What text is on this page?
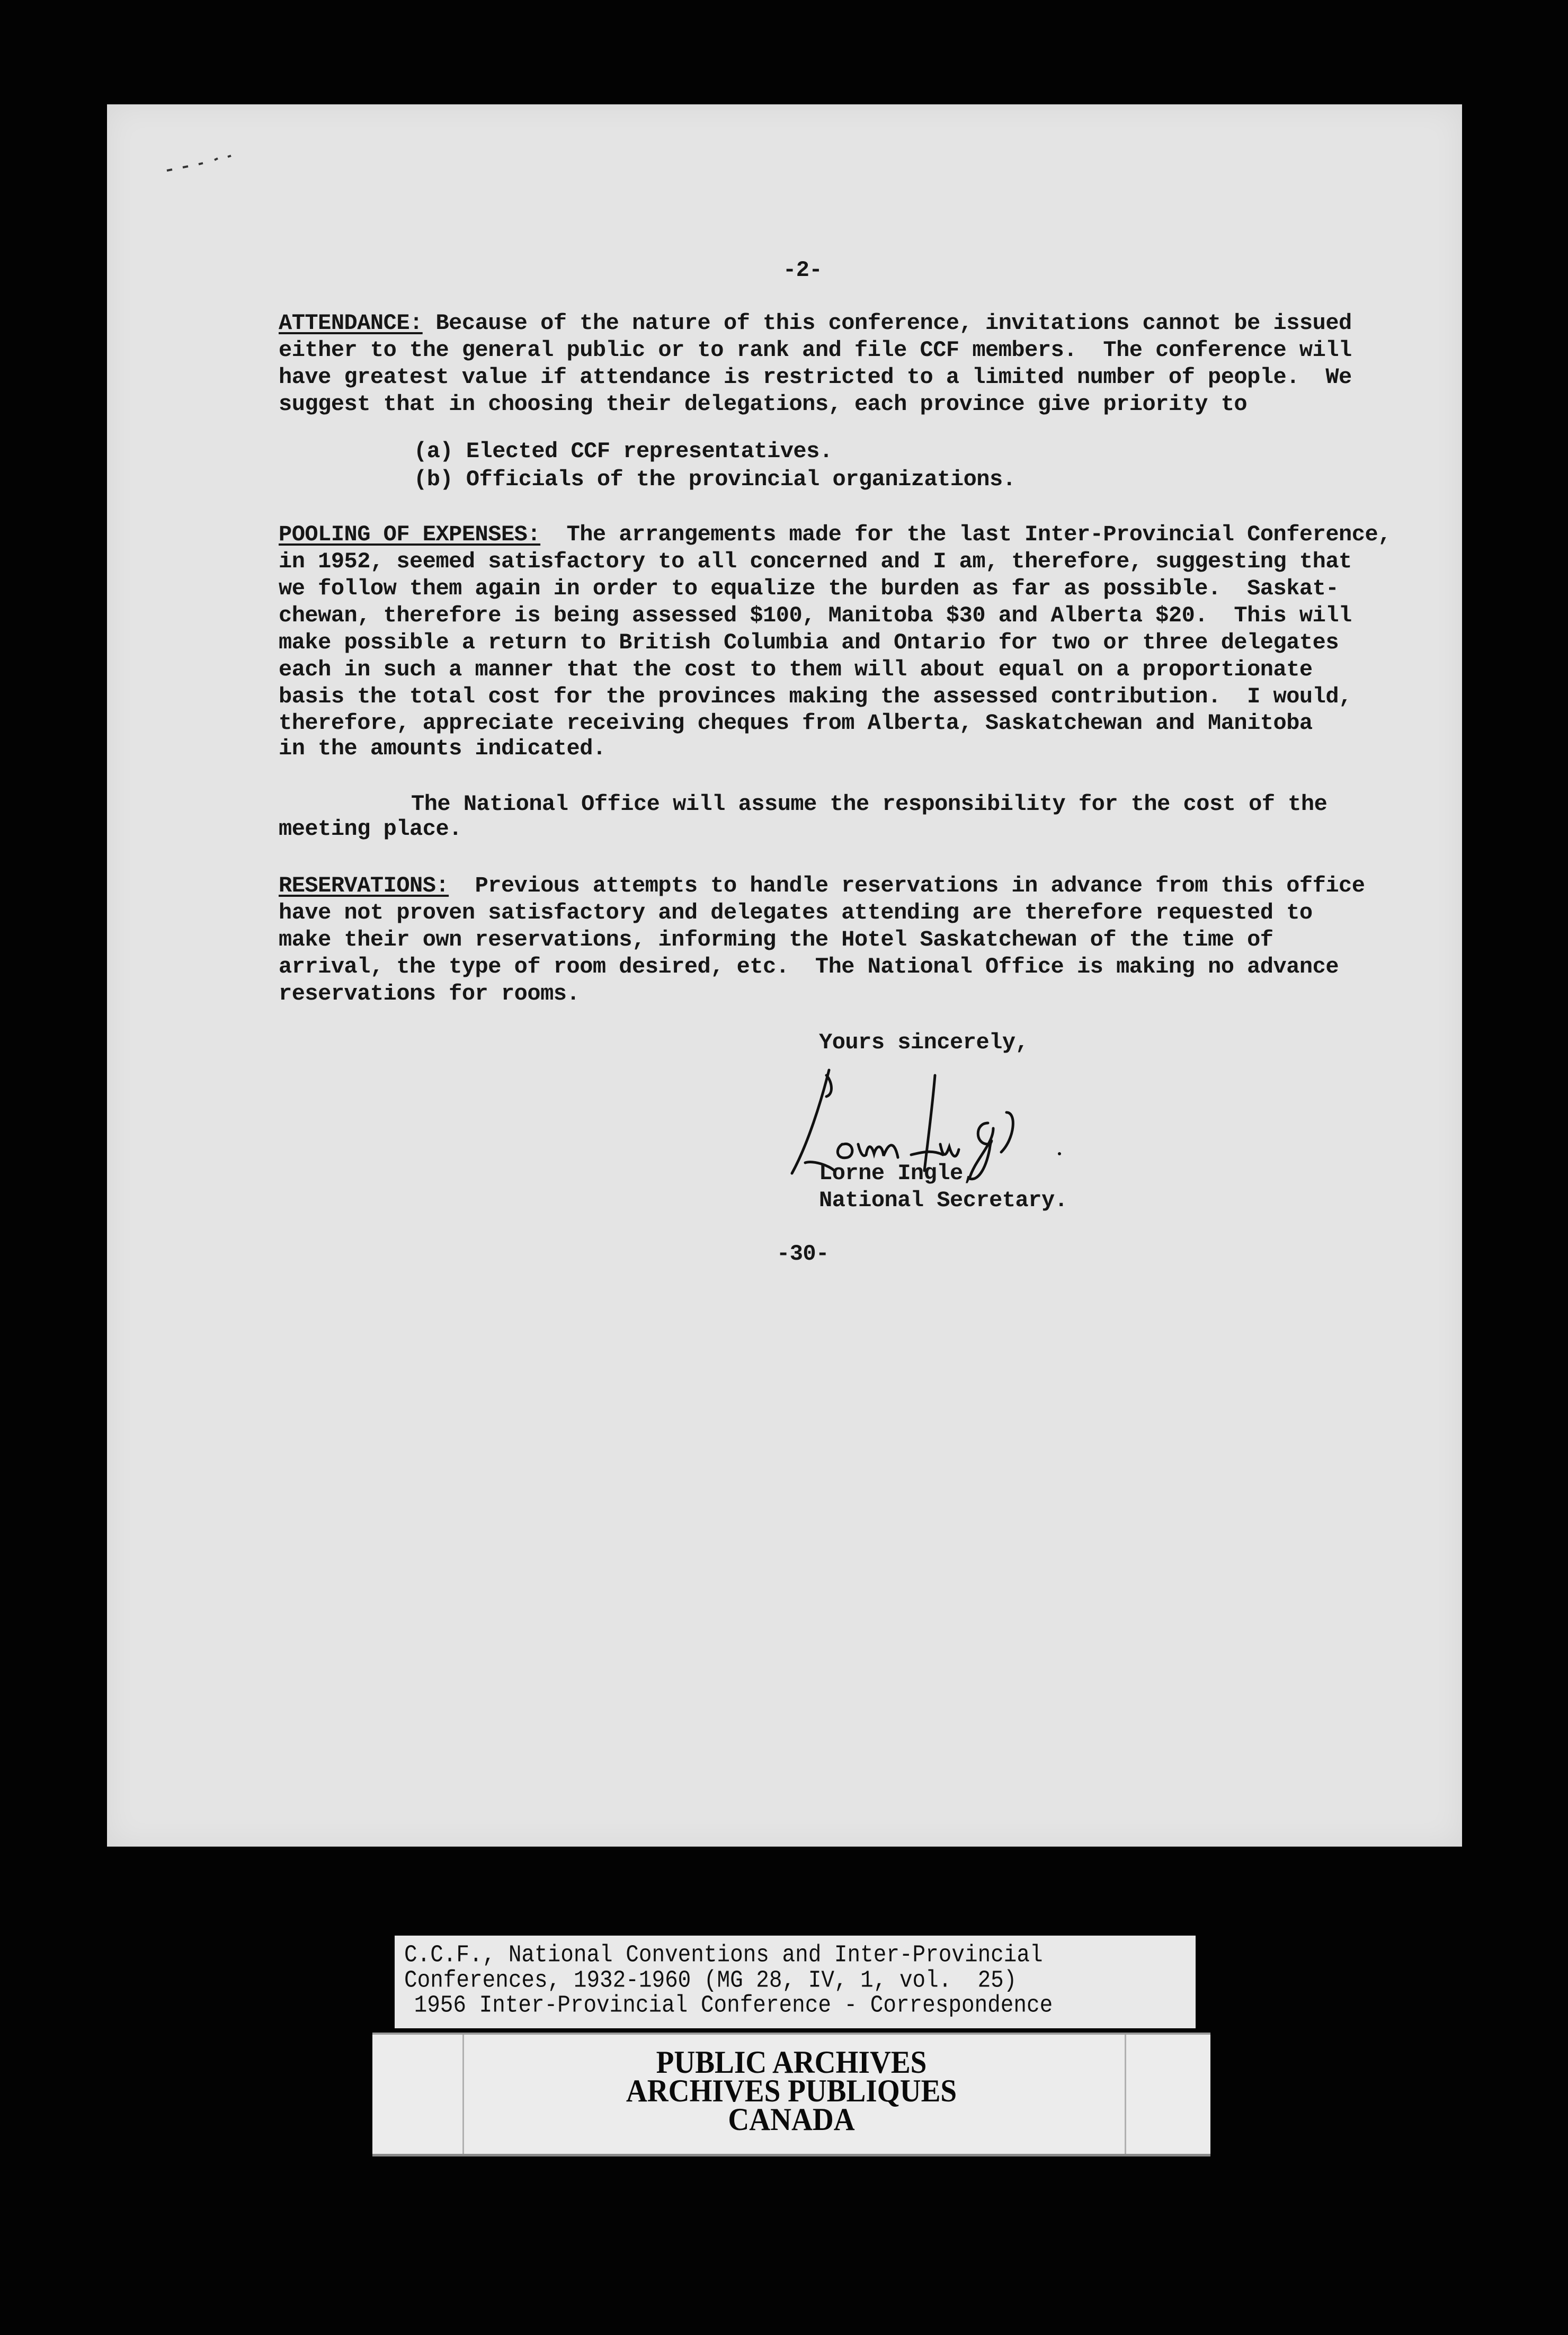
-2-
ATTENDANCE: Because of the nature of this conference, invitations cannot be issued
either to the general public or to rank and file CCF members.  The conference will
have greatest value if attendance is restricted to a limited number of people.  We
suggest that in choosing their delegations, each province give priority to
(a) Elected CCF representatives.
(b) Officials of the provincial organizations.
POOLING OF EXPENSES:  The arrangements made for the last Inter-Provincial Conference,
in 1952, seemed satisfactory to all concerned and I am, therefore, suggesting that
we follow them again in order to equalize the burden as far as possible.  Saskat-
chewan, therefore is being assessed $100, Manitoba $30 and Alberta $20.  This will
make possible a return to British Columbia and Ontario for two or three delegates
each in such a manner that the cost to them will about equal on a proportionate
basis the total cost for the provinces making the assessed contribution.  I would,
therefore, appreciate receiving cheques from Alberta, Saskatchewan and Manitoba
in the amounts indicated.
The National Office will assume the responsibility for the cost of the
meeting place.
RESERVATIONS:  Previous attempts to handle reservations in advance from this office
have not proven satisfactory and delegates attending are therefore requested to
make their own reservations, informing the Hotel Saskatchewan of the time of
arrival, the type of room desired, etc.  The National Office is making no advance
reservations for rooms.
Yours sincerely,
Lorne Ingle,
National Secretary.
-30-
C.C.F., National Conventions and Inter-Provincial
Conferences, 1932-1960 (MG 28, IV, 1, vol.  25)
1956 Inter-Provincial Conference - Correspondence
PUBLIC ARCHIVES
ARCHIVES PUBLIQUES
CANADA
